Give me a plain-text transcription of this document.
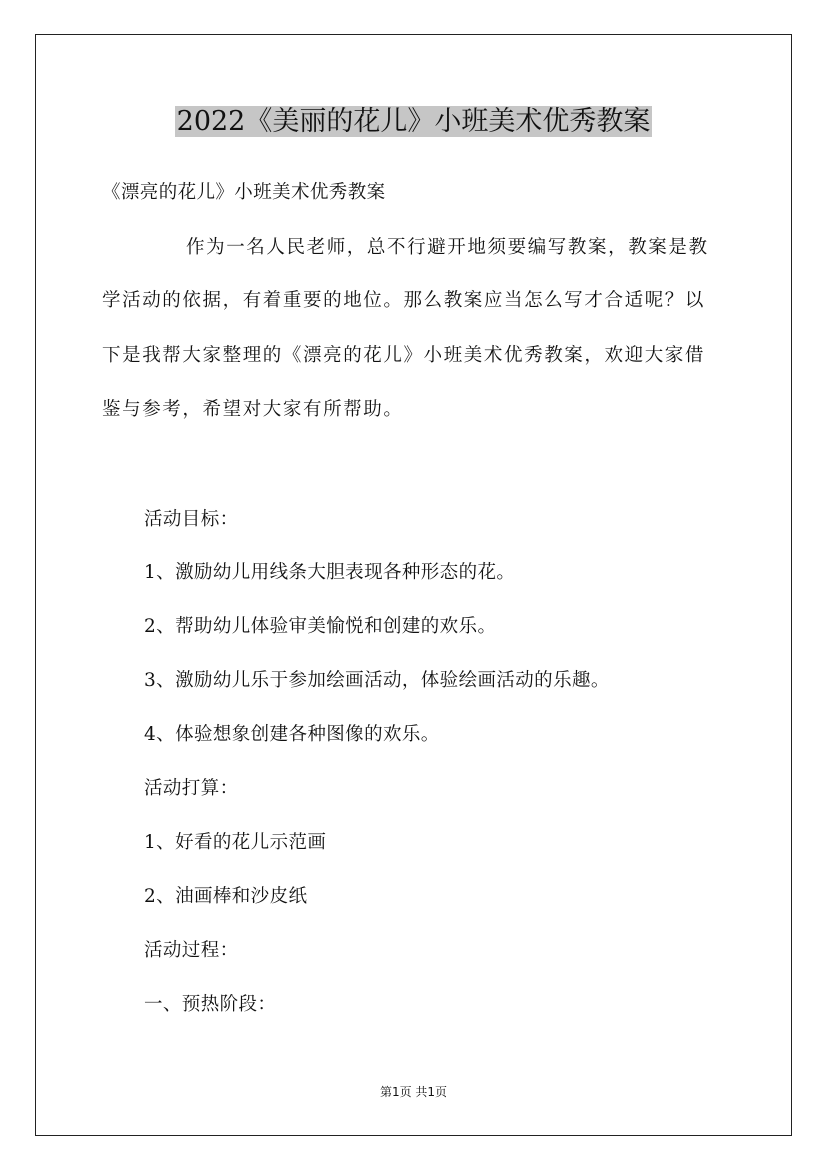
2022《美丽的花儿》小班美术优秀教案
《漂亮的花儿》小班美术优秀教案
作为一名人民老师，总不行避开地须要编写教案，教案是教
学活动的依据，有着重要的地位。那么教案应当怎么写才合适呢？以
下是我帮大家整理的《漂亮的花儿》小班美术优秀教案，欢迎大家借
鉴与参考，希望对大家有所帮助。
活动目标：
1、激励幼儿用线条大胆表现各种形态的花。
2、帮助幼儿体验审美愉悦和创建的欢乐。
3、激励幼儿乐于参加绘画活动，体验绘画活动的乐趣。
4、体验想象创建各种图像的欢乐。
活动打算：
1、好看的花儿示范画
2、油画棒和沙皮纸
活动过程：
一、预热阶段：
第1页 共1页
